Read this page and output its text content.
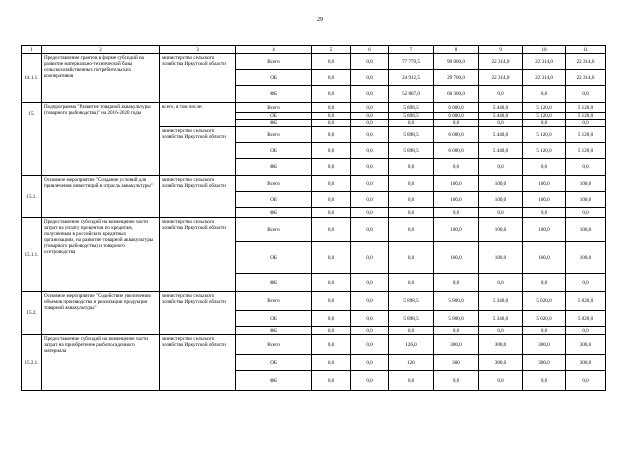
29
1	2	3	4	5	6	7	8	9	10	11
14.1.1.	Предоставление грантов в форме субсидий на развитие материально-технической базы сельскохозяйственных потребительских кооперативов	министерство сельского хозяйства Иркутской области	Всего	0,0	0,0	77 779,5	90 000,0	22 314,0	22 314,0	22 314,0
			ОБ	0,0	0,0	24 912,5	29 700,0	22 314,0	22 314,0	22 314,0
			ФБ	0,0	0,0	52 867,0	60 300,0	0,0	0,0	0,0
15.	Подпрограмма "Развитие товарной аквакультуры (товарного рыбоводства)" на 2016-2020 годы	всего, в том числе:	Всего	0,0	0,0	5 898,5	6 000,0	5 440,0	5 120,0	5 120,0
			ОБ	0,0	0,0	5 898,5	6 000,0	5 440,0	5 120,0	5 120,0
			ФБ	0,0	0,0	0,0	0,0	0,0	0,0	0,0
		министерство сельского хозяйства Иркутской области	Всего	0,0	0,0	5 898,5	6 000,0	5 440,0	5 120,0	5 120,0
			ОБ	0,0	0,0	5 898,5	6 000,0	5 440,0	5 120,0	5 120,0
			ФБ	0,0	0,0	0,0	0,0	0,0	0,0	0,0
15.1.	Основное мероприятие "Создание условий для привлечения инвестиций в отрасль аквакультуры"	министерство сельского хозяйства Иркутской области	Всего	0,0	0,0	0,0	100,0	100,0	100,0	100,0
			ОБ	0,0	0,0	0,0	100,0	100,0	100,0	100,0
			ФБ	0,0	0,0	0,0	0,0	0,0	0,0	0,0
15.1.1.	Предоставление субсидий на возмещение части затрат на уплату процентов по кредитам, полученным в российских кредитных организациях, на развитие товарной аквакультуры (товарного рыбоводства) и товарного осетроводства	министерство сельского хозяйства Иркутской области	Всего	0,0	0,0	0,0	100,0	100,0	100,0	100,0
			ОБ	0,0	0,0	0,0	100,0	100,0	100,0	100,0
			ФБ	0,0	0,0	0,0	0,0	0,0	0,0	0,0
15.2.	Основное мероприятие "Содействие увеличению объемов производства и реализации продукции товарной аквакультуры"	министерство сельского хозяйства Иркутской области	Всего	0,0	0,0	5 898,5	5 900,0	5 340,0	5 020,0	5 020,0
			ОБ	0,0	0,0	5 898,5	5 900,0	5 340,0	5 020,0	5 020,0
			ФБ	0,0	0,0	0,0	0,0	0,0	0,0	0,0
15.2.1.	Предоставление субсидий на возмещение части затрат на приобретение рыбопосадочного материала	министерство сельского хозяйства Иркутской области	Всего	0,0	0,0	126,0	300,0	300,0	300,0	300,0
			ОБ	0,0	0,0	126	300	300,0	300,0	300,0
			ФБ	0,0	0,0	0,0	0,0	0,0	0,0	0,0
